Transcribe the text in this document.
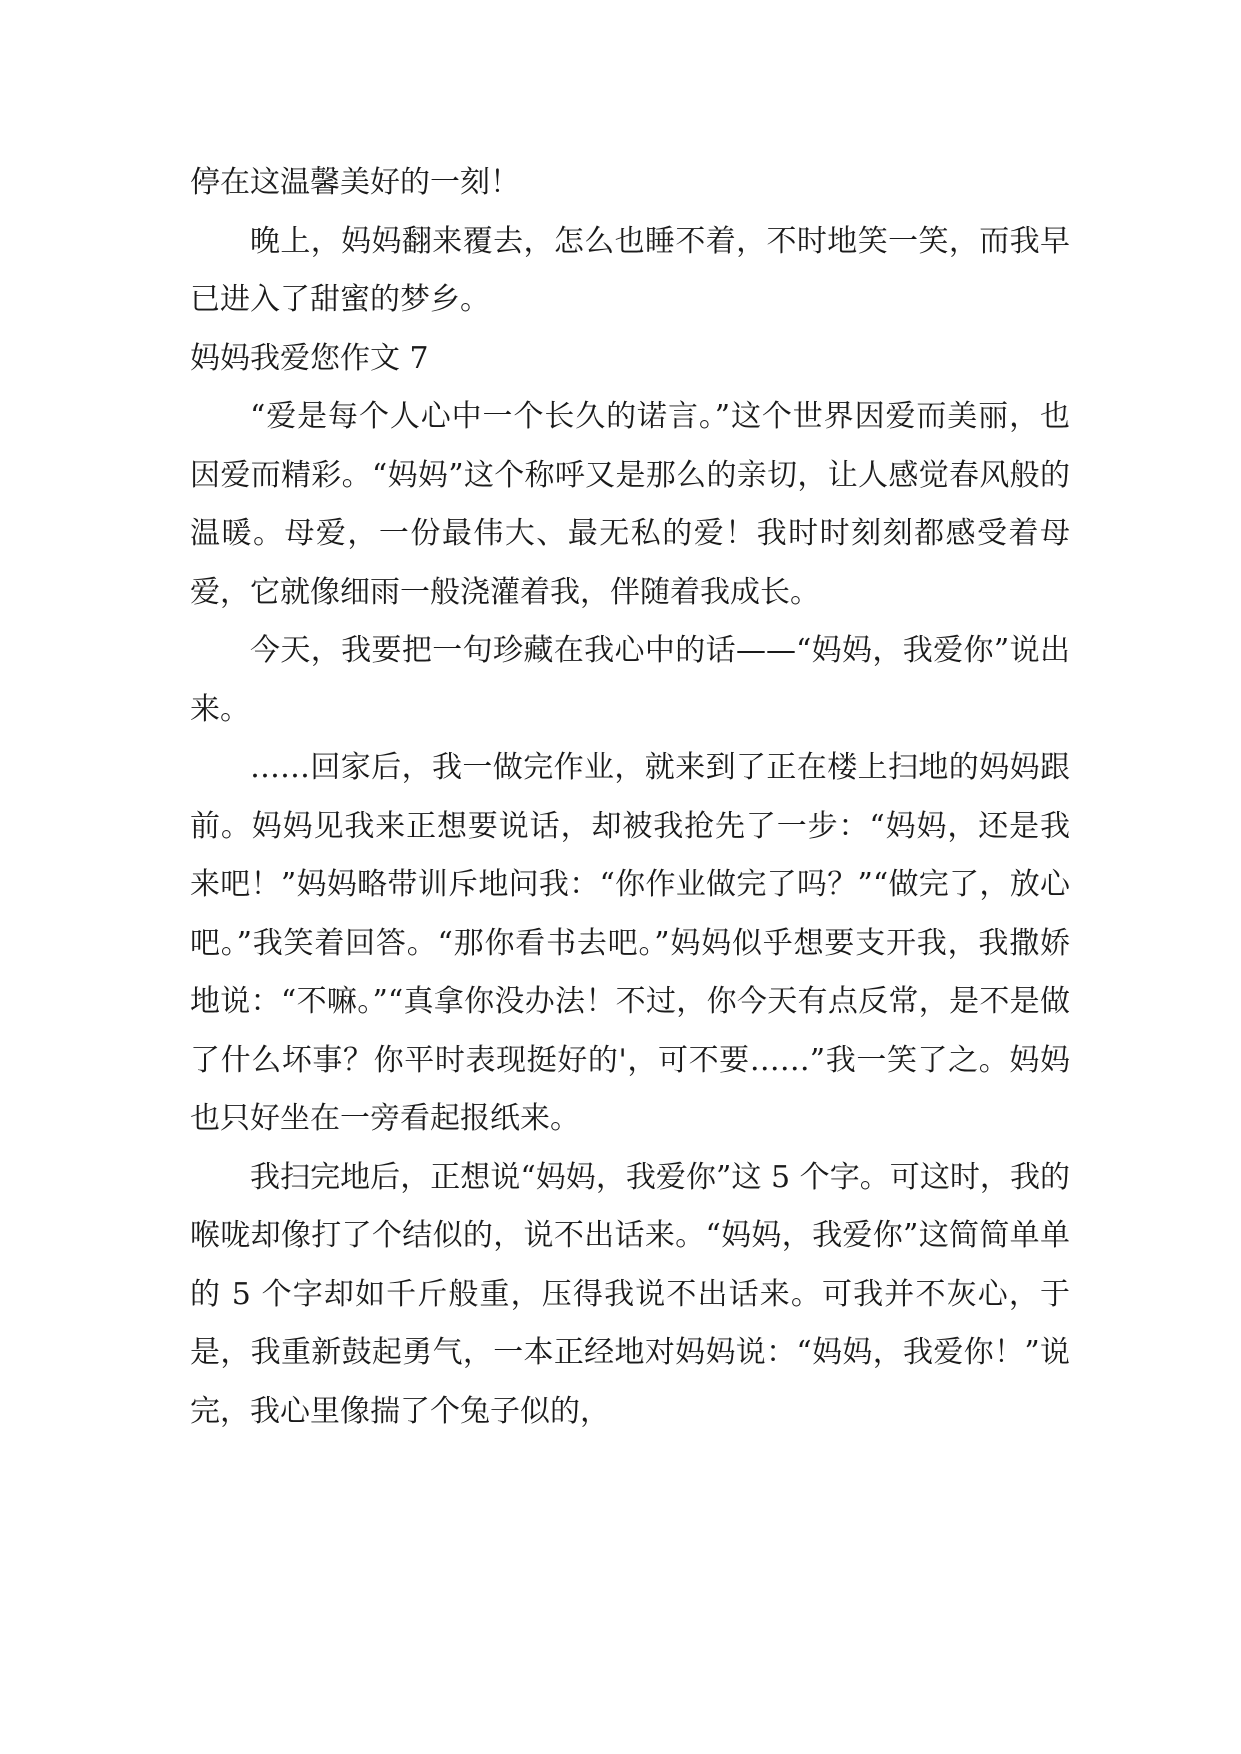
停在这温馨美好的一刻！

晚上，妈妈翻来覆去，怎么也睡不着，不时地笑一笑，而我早已进入了甜蜜的梦乡。

妈妈我爱您作文 7

“爱是每个人心中一个长久的诺言。”这个世界因爱而美丽，也因爱而精彩。“妈妈”这个称呼又是那么的亲切，让人感觉春风般的温暖。母爱，一份最伟大、最无私的爱！我时时刻刻都感受着母爱，它就像细雨一般浇灌着我，伴随着我成长。

今天，我要把一句珍藏在我心中的话——“妈妈，我爱你”说出来。

……回家后，我一做完作业，就来到了正在楼上扫地的妈妈跟前。妈妈见我来正想要说话，却被我抢先了一步：“妈妈，还是我来吧！”妈妈略带训斥地问我：“你作业做完了吗？”“做完了，放心吧。”我笑着回答。“那你看书去吧。”妈妈似乎想要支开我，我撒娇地说：“不嘛。”“真拿你没办法！不过，你今天有点反常，是不是做了什么坏事？你平时表现挺好的'，可不要……”我一笑了之。妈妈也只好坐在一旁看起报纸来。

我扫完地后，正想说“妈妈，我爱你”这 5 个字。可这时，我的喉咙却像打了个结似的，说不出话来。“妈妈，我爱你”这简简单单的 5 个字却如千斤般重，压得我说不出话来。可我并不灰心，于是，我重新鼓起勇气，一本正经地对妈妈说：“妈妈，我爱你！”说完，我心里像揣了个兔子似的，
